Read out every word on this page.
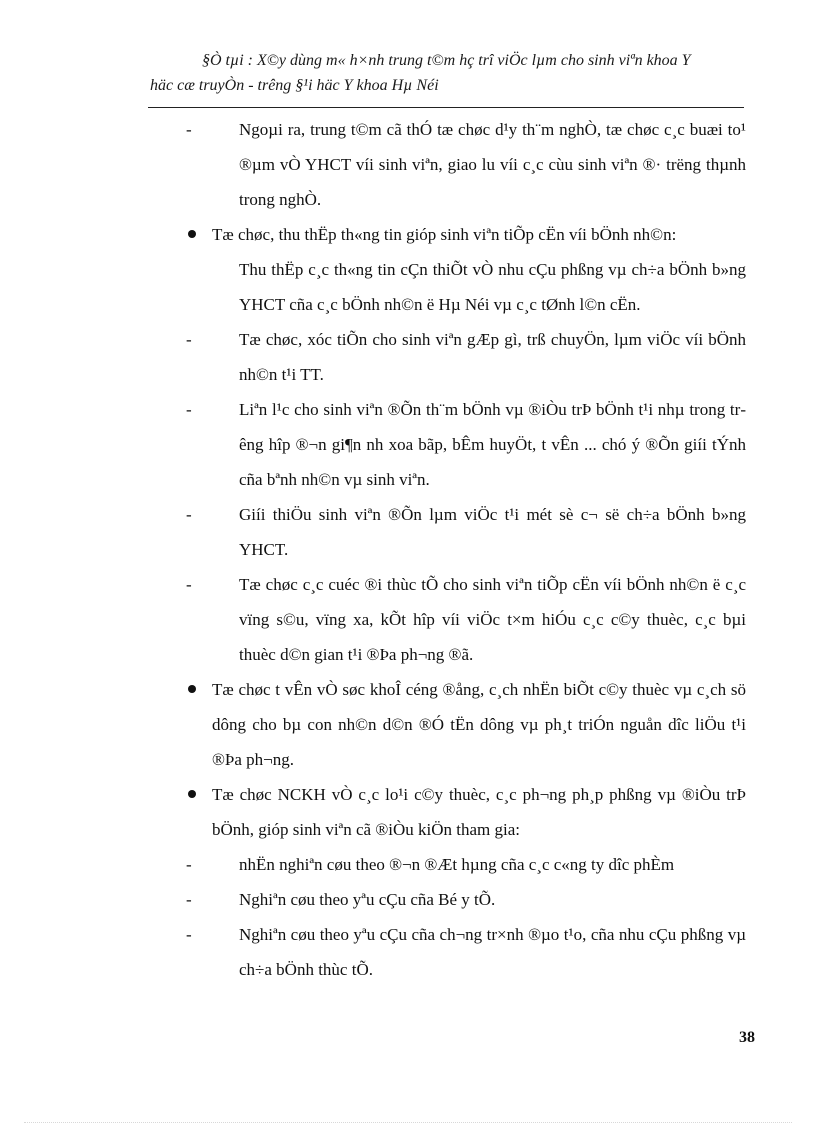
§Ò tµi : X©y dùng m« h×nh trung t©m hç trî viÖc lµm cho sinh viªn khoa Y
häc cæ truyÒn - trêng §¹i häc Y khoa Hµ Néi
-	Ngoµi ra, trung t©m cã thÓ tæ chøc d¹y th¨m nghÒ, tæ chøc c¸c buæi to¹ ®µm vÒ YHCT víi sinh viªn, giao lu víi c¸c cùu sinh viªn ®· trëng thµnh trong nghÒ.
Tæ chøc, thu thËp th«ng tin gióp sinh viªn tiÕp cËn víi bÖnh nh©n:
Thu thËp c¸c th«ng tin cÇn thiÕt vÒ nhu cÇu phßng vµ ch÷a bÖnh b»ng YHCT cña c¸c bÖnh nh©n ë Hµ Néi vµ c¸c tØnh l©n cËn.
-	Tæ chøc, xóc tiÕn cho sinh viªn gÆp gì, trß chuyÖn, lµm viÖc víi bÖnh nh©n t¹i TT.
-	Liªn l¹c cho sinh viªn ®Õn th¨m bÖnh vµ ®iÒu trÞ bÖnh t¹i nhµ trong trêng hîp ®¬n gi¶n nh xoa bãp, bÊm huyÖt, t vÊn ... chó ý ®Õn giíi tÝnh cña bªnh nh©n vµ sinh viªn.
-	Giíi thiÖu sinh viªn ®Õn lµm viÖc t¹i mét sè c¬ së ch÷a bÖnh b»ng YHCT.
-	Tæ chøc c¸c cuéc ®i thùc tÕ cho sinh viªn tiÕp cËn víi bÖnh nh©n ë c¸c vïng s©u, vïng xa, kÕt hîp víi viÖc t×m hiÓu c¸c c©y thuèc, c¸c bµi thuèc d©n gian t¹i ®Þa ph¬ng ®ã.
Tæ chøc t vÊn vÒ søc khoÎ céng ®ång, c¸ch nhËn biÕt c©y thuèc vµ c¸ch sö dông cho bµ con nh©n d©n ®Ó tËn dông vµ ph¸t triÓn nguån dîc liÖu t¹i ®Þa ph¬ng.
Tæ chøc NCKH vÒ c¸c lo¹i c©y thuèc, c¸c ph¬ng ph¸p phßng vµ ®iÒu trÞ bÖnh, gióp sinh viªn cã ®iÒu kiÖn tham gia:
-	nhËn nghiªn cøu theo ®¬n ®Æt hµng cña c¸c c«ng ty dîc phÈm
-	Nghiªn cøu theo yªu cÇu cña Bé y tÕ.
-	Nghiªn cøu theo yªu cÇu cña ch¬ng tr×nh ®µo t¹o, cña nhu cÇu phßng vµ ch÷a bÖnh thùc tÕ.
38
